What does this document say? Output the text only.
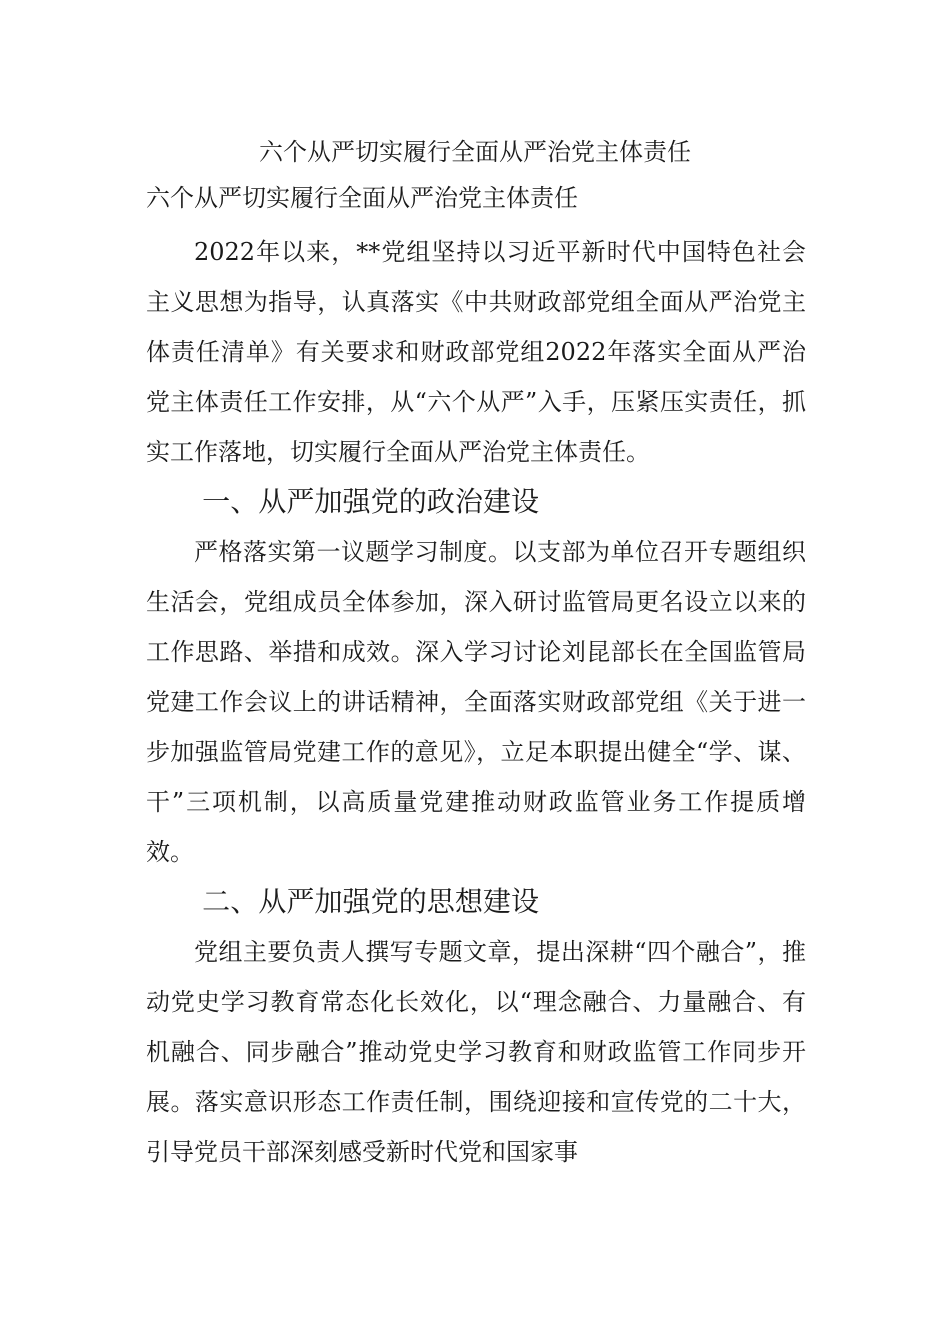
六个从严切实履行全面从严治党主体责任
六个从严切实履行全面从严治党主体责任

2022年以来，**党组坚持以习近平新时代中国特色社会主义思想为指导，认真落实《中共财政部党组全面从严治党主体责任清单》有关要求和财政部党组2022年落实全面从严治党主体责任工作安排，从“六个从严”入手，压紧压实责任，抓实工作落地，切实履行全面从严治党主体责任。

一、从严加强党的政治建设

严格落实第一议题学习制度。以支部为单位召开专题组织生活会，党组成员全体参加，深入研讨监管局更名设立以来的工作思路、举措和成效。深入学习讨论刘昆部长在全国监管局党建工作会议上的讲话精神，全面落实财政部党组《关于进一步加强监管局党建工作的意见》，立足本职提出健全“学、谋、干”三项机制，以高质量党建推动财政监管业务工作提质增效。

二、从严加强党的思想建设

党组主要负责人撰写专题文章，提出深耕“四个融合”，推动党史学习教育常态化长效化，以“理念融合、力量融合、有机融合、同步融合”推动党史学习教育和财政监管工作同步开展。落实意识形态工作责任制，围绕迎接和宣传党的二十大，引导党员干部深刻感受新时代党和国家事
